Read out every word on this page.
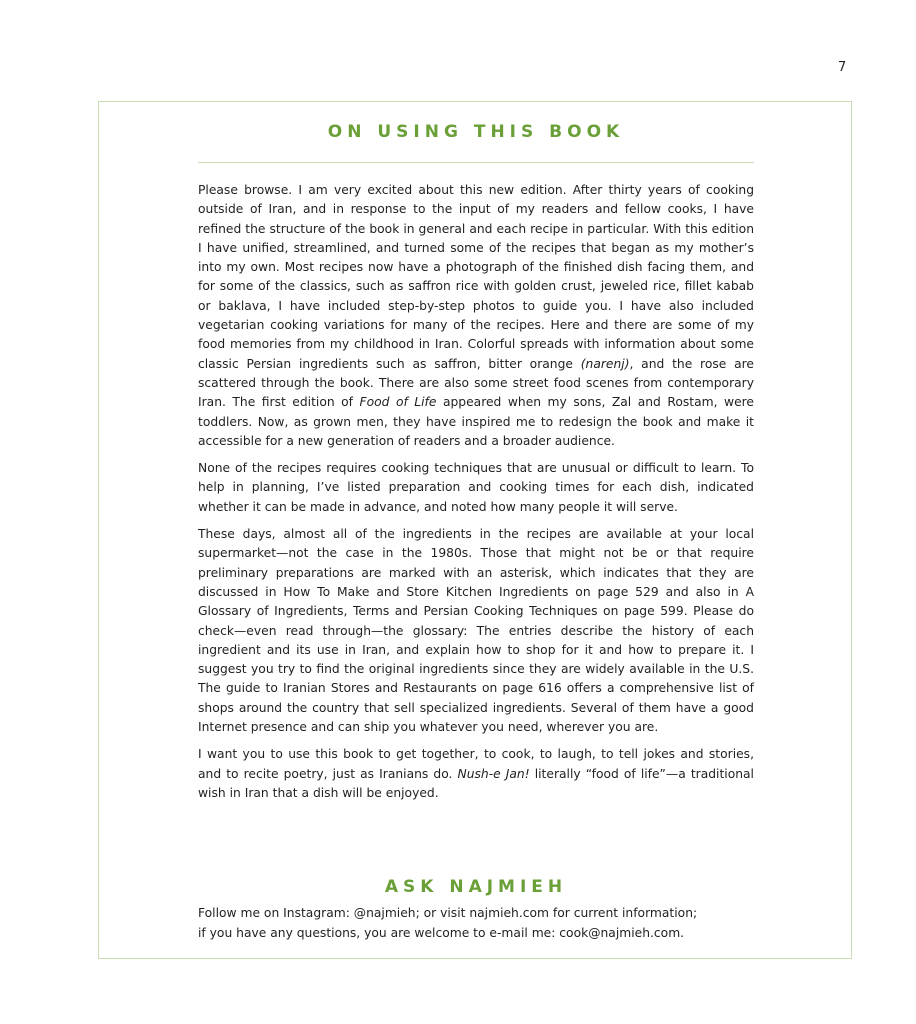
7
ON USING THIS BOOK

Please browse. I am very excited about this new edition. After thirty years of cooking outside of Iran, and in response to the input of my readers and fellow cooks, I have refined the structure of the book in general and each recipe in particular. With this edition I have unified, streamlined, and turned some of the recipes that began as my mother’s into my own. Most recipes now have a photograph of the finished dish facing them, and for some of the classics, such as saffron rice with golden crust, jeweled rice, fillet kabab or baklava, I have included step-by-step photos to guide you. I have also included vegetarian cooking variations for many of the recipes. Here and there are some of my food memories from my childhood in Iran. Colorful spreads with information about some classic Persian ingredients such as saffron, bitter orange (narenj), and the rose are scattered through the book. There are also some street food scenes from contemporary Iran. The first edition of Food of Life appeared when my sons, Zal and Rostam, were toddlers. Now, as grown men, they have inspired me to redesign the book and make it accessible for a new generation of readers and a broader audience.

None of the recipes requires cooking techniques that are unusual or difficult to learn. To help in planning, I’ve listed preparation and cooking times for each dish, indicated whether it can be made in advance, and noted how many people it will serve.

These days, almost all of the ingredients in the recipes are available at your local supermarket—not the case in the 1980s. Those that might not be or that require preliminary preparations are marked with an asterisk, which indicates that they are discussed in How To Make and Store Kitchen Ingredients on page 529 and also in A Glossary of Ingredients, Terms and Persian Cooking Techniques on page 599. Please do check—even read through—the glossary: The entries describe the history of each ingredient and its use in Iran, and explain how to shop for it and how to prepare it. I suggest you try to find the original ingredients since they are widely available in the U.S. The guide to Iranian Stores and Restaurants on page 616 offers a comprehensive list of shops around the country that sell specialized ingredients. Several of them have a good Internet presence and can ship you whatever you need, wherever you are.

I want you to use this book to get together, to cook, to laugh, to tell jokes and stories, and to recite poetry, just as Iranians do. Nush-e Jan! literally “food of life”—a traditional wish in Iran that a dish will be enjoyed.

ASK NAJMIEH
Follow me on Instagram: @najmieh; or visit najmieh.com for current information;
if you have any questions, you are welcome to e-mail me: cook@najmieh.com.
